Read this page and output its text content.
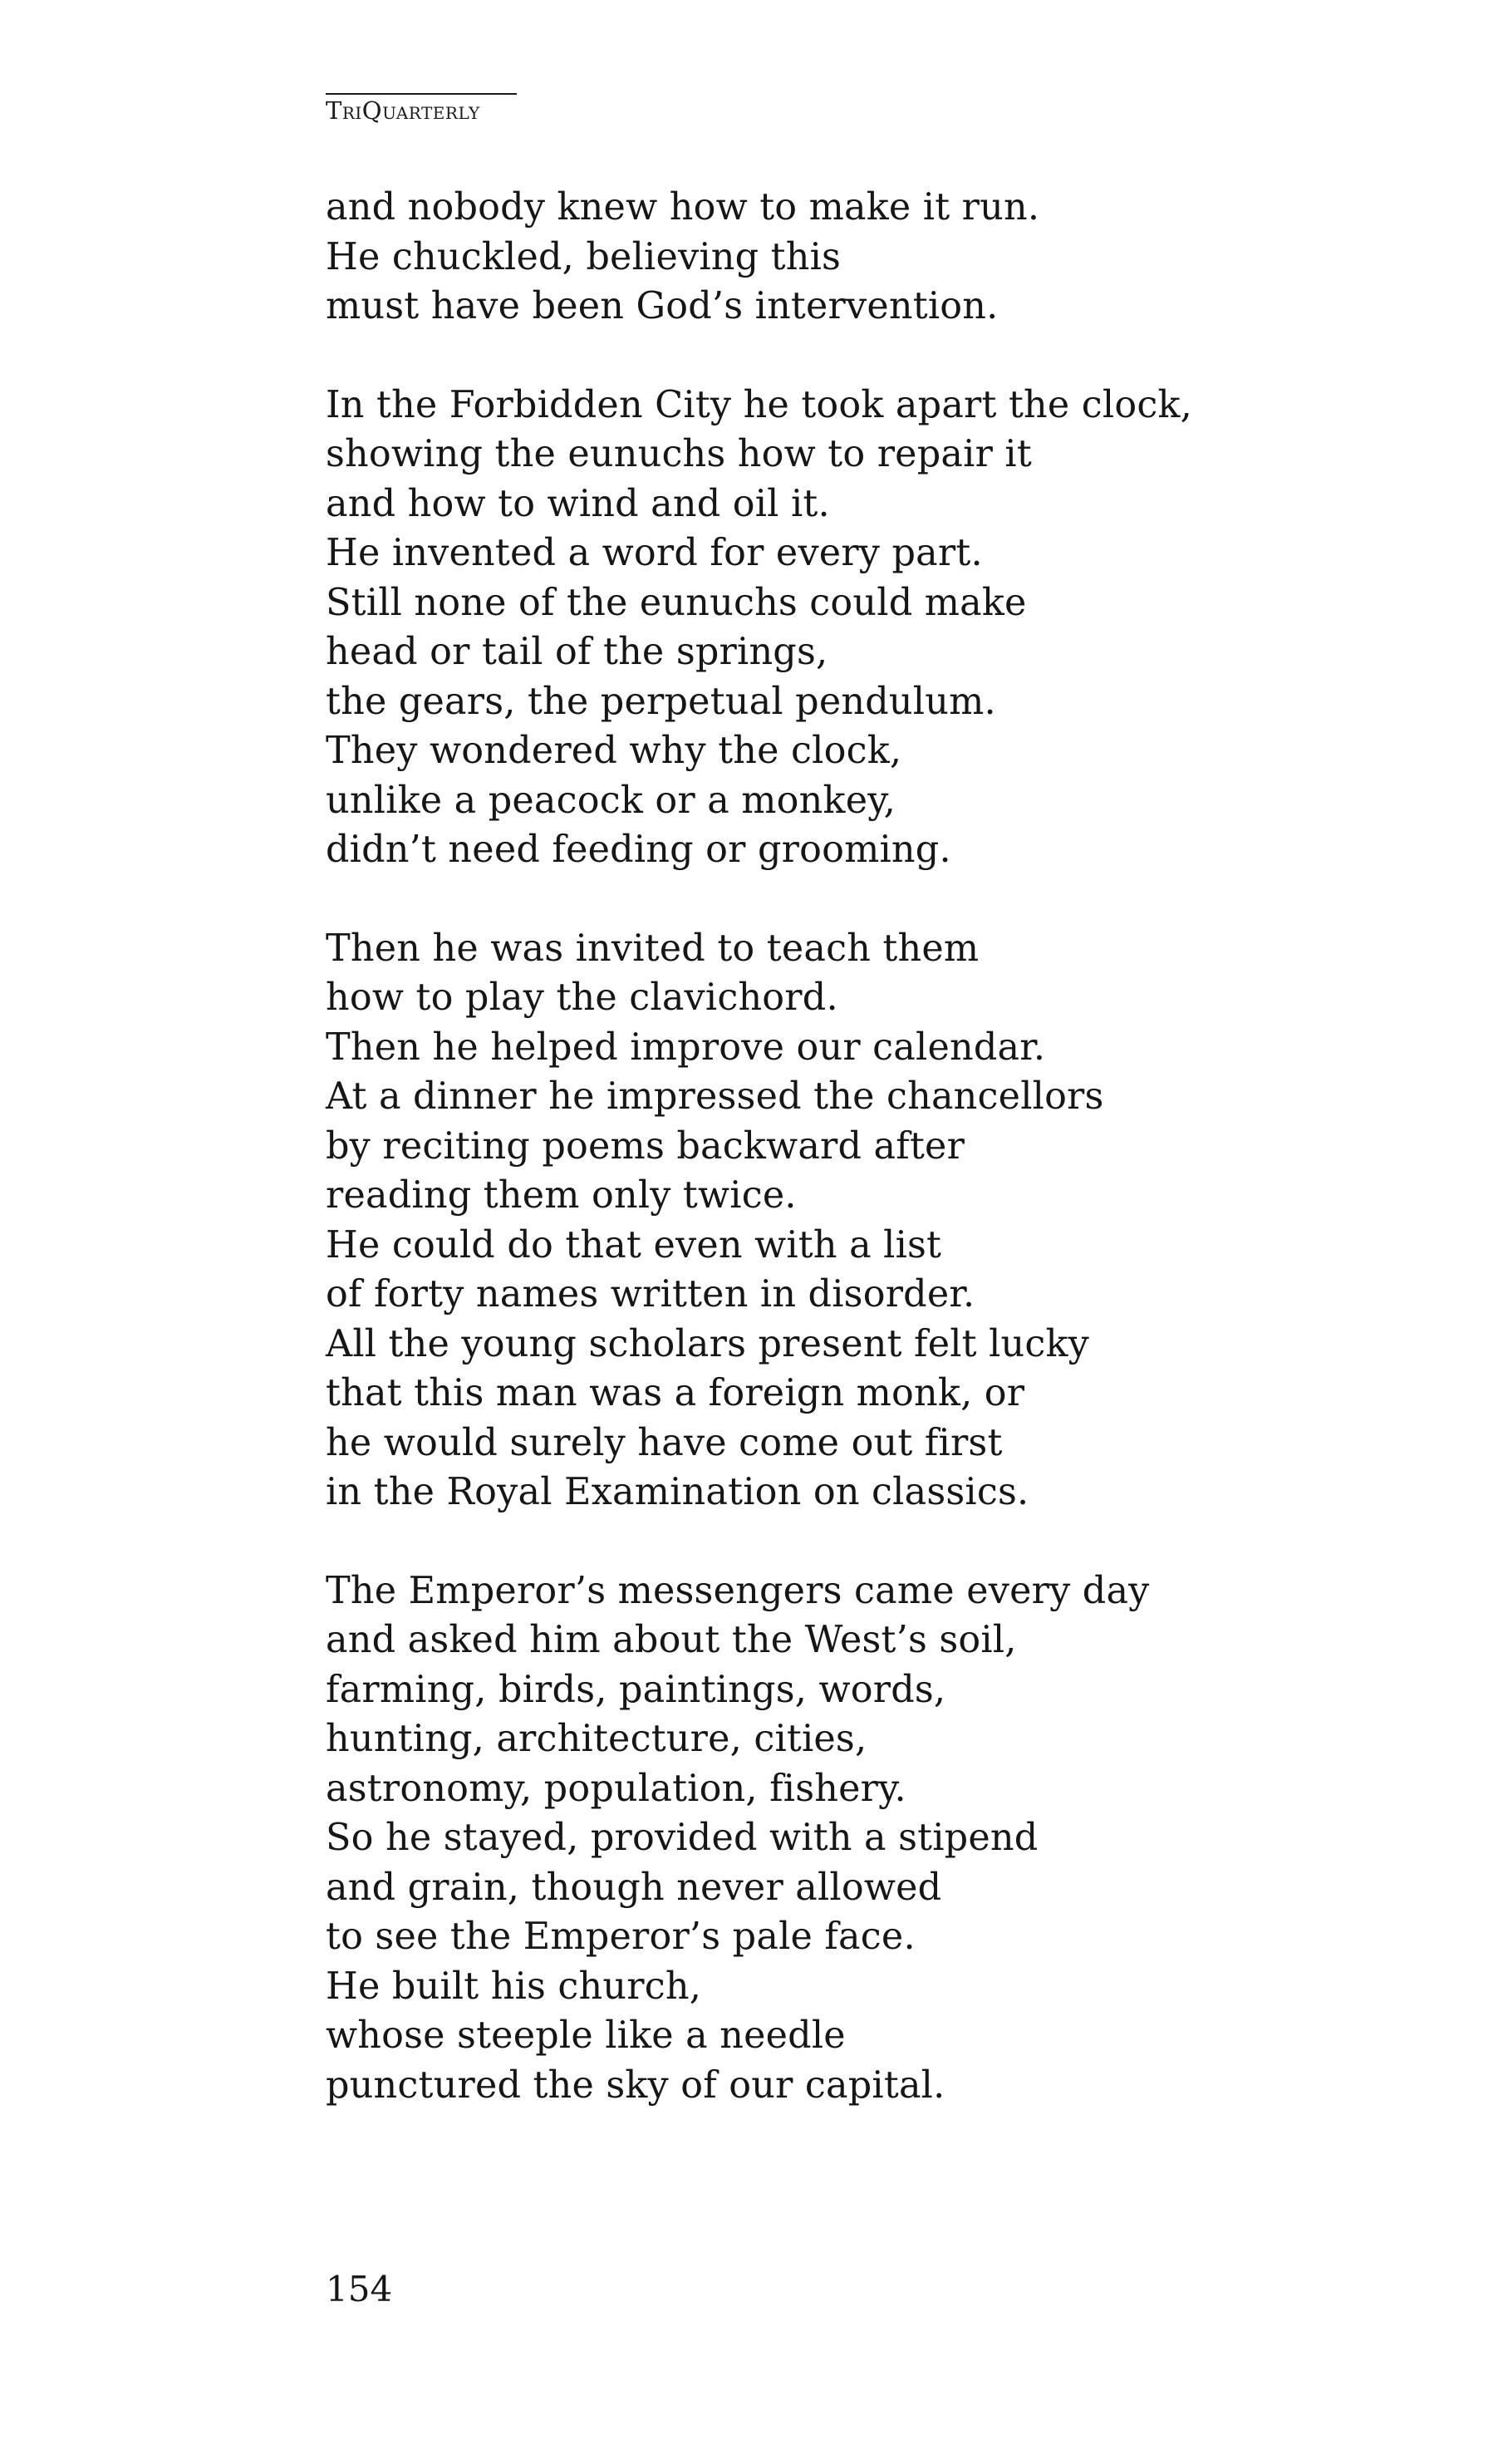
TriQuarterly
and nobody knew how to make it run.
He chuckled, believing this
must have been God’s intervention.
In the Forbidden City he took apart the clock,
showing the eunuchs how to repair it
and how to wind and oil it.
He invented a word for every part.
Still none of the eunuchs could make
head or tail of the springs,
the gears, the perpetual pendulum.
They wondered why the clock,
unlike a peacock or a monkey,
didn’t need feeding or grooming.
Then he was invited to teach them
how to play the clavichord.
Then he helped improve our calendar.
At a dinner he impressed the chancellors
by reciting poems backward after
reading them only twice.
He could do that even with a list
of forty names written in disorder.
All the young scholars present felt lucky
that this man was a foreign monk, or
he would surely have come out first
in the Royal Examination on classics.
The Emperor’s messengers came every day
and asked him about the West’s soil,
farming, birds, paintings, words,
hunting, architecture, cities,
astronomy, population, fishery.
So he stayed, provided with a stipend
and grain, though never allowed
to see the Emperor’s pale face.
He built his church,
whose steeple like a needle
punctured the sky of our capital.
154
